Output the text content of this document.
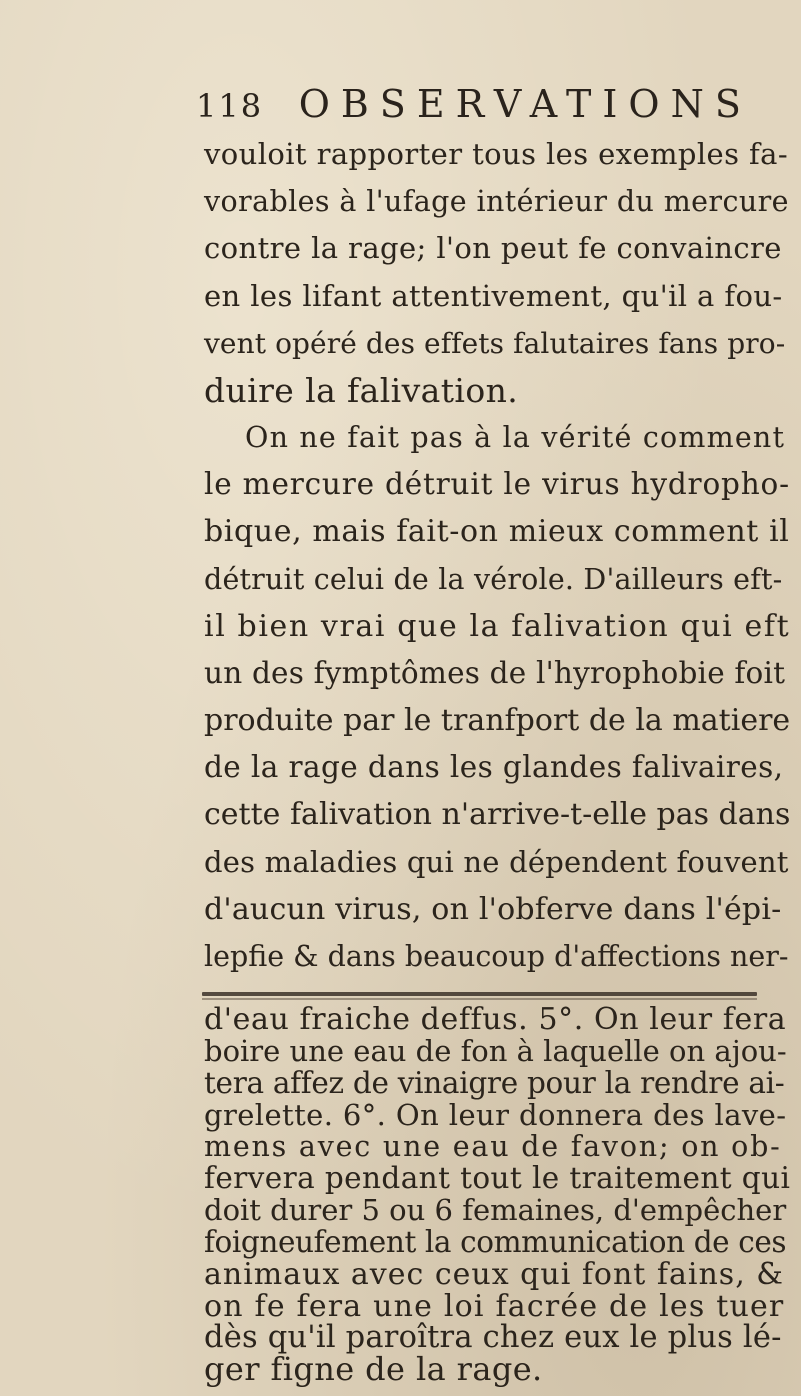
118 OBSERVATIONS
vouloit rapporter tous les exemples fa-
vorables à l'ufage intérieur du mercure
contre la rage; l'on peut fe convaincre
en les lifant attentivement, qu'il a fou-
vent opéré des effets falutaires fans pro-
duire la falivation.
On ne fait pas à la vérité comment
le mercure détruit le virus hydropho-
bique, mais fait-on mieux comment il
détruit celui de la vérole. D'ailleurs eft-
il bien vrai que la falivation qui eft
un des fymptômes de l'hyrophobie foit
produite par le tranfport de la matiere
de la rage dans les glandes falivaires,
cette falivation n'arrive-t-elle pas dans
des maladies qui ne dépendent fouvent
d'aucun virus, on l'obferve dans l'épi-
lepfie & dans beaucoup d'affections ner-
d'eau fraiche deffus. 5°. On leur fera
boire une eau de fon à laquelle on ajou-
tera affez de vinaigre pour la rendre ai-
grelette. 6°. On leur donnera des lave-
mens avec une eau de favon; on ob-
fervera pendant tout le traitement qui
doit durer 5 ou 6 femaines, d'empêcher
foigneufement la communication de ces
animaux avec ceux qui font fains, &
on fe fera une loi facrée de les tuer
dès qu'il paroîtra chez eux le plus lé-
ger figne de la rage.
